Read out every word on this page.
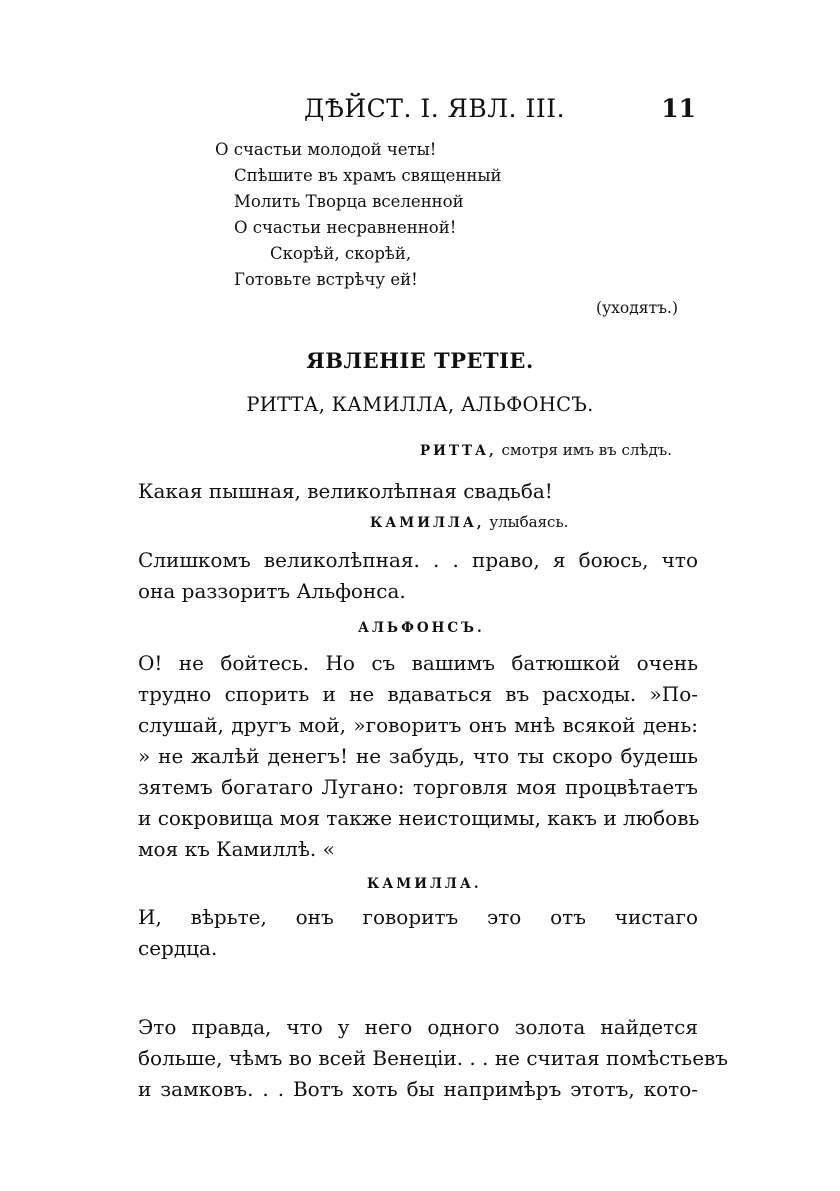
ДѢЙСТ. I. ЯВЛ. III.	11
О счастьи молодой четы!
Спѣшите въ храмъ священный
Молить Творца вселенной
О счастьи несравненной!
Скорѣй, скорѣй,
Готовьте встрѣчу ей!
(уходятъ.)
ЯВЛЕНIЕ ТРЕТIЕ.
РИТТА, КАМИЛЛА, АЛЬФОНСЪ.
РИТТА, смотря имъ въ слѣдъ.
Какая пышная, великолѣпная свадьба!
КАМИЛЛА, улыбаясь.
Слишкомъ великолѣпная. . . право, я боюсь, что
она раззоритъ Альфонса.
АЛЬФОНСЪ.
О! не бойтесь. Но съ вашимъ батюшкой очень
трудно спорить и не вдаваться въ расходы. »По-
слушай, другъ мой, »говоритъ онъ мнѣ всякой день:
» не жалѣй денегъ! не забудь, что ты скоро будешь
зятемъ богатаго Лугано: торговля моя процвѣтаетъ
и сокровища моя также неистощимы, какъ и любовь
моя къ Камиллѣ. «
КАМИЛЛА.
И, вѣрьте, онъ говоритъ это отъ чистаго
сердца.
Это правда, что у него одного золота найдется
больше, чѣмъ во всей Венецiи. . . не считая помѣстьевъ
и замковъ. . . Вотъ хоть бы напримѣръ этотъ, кото-
